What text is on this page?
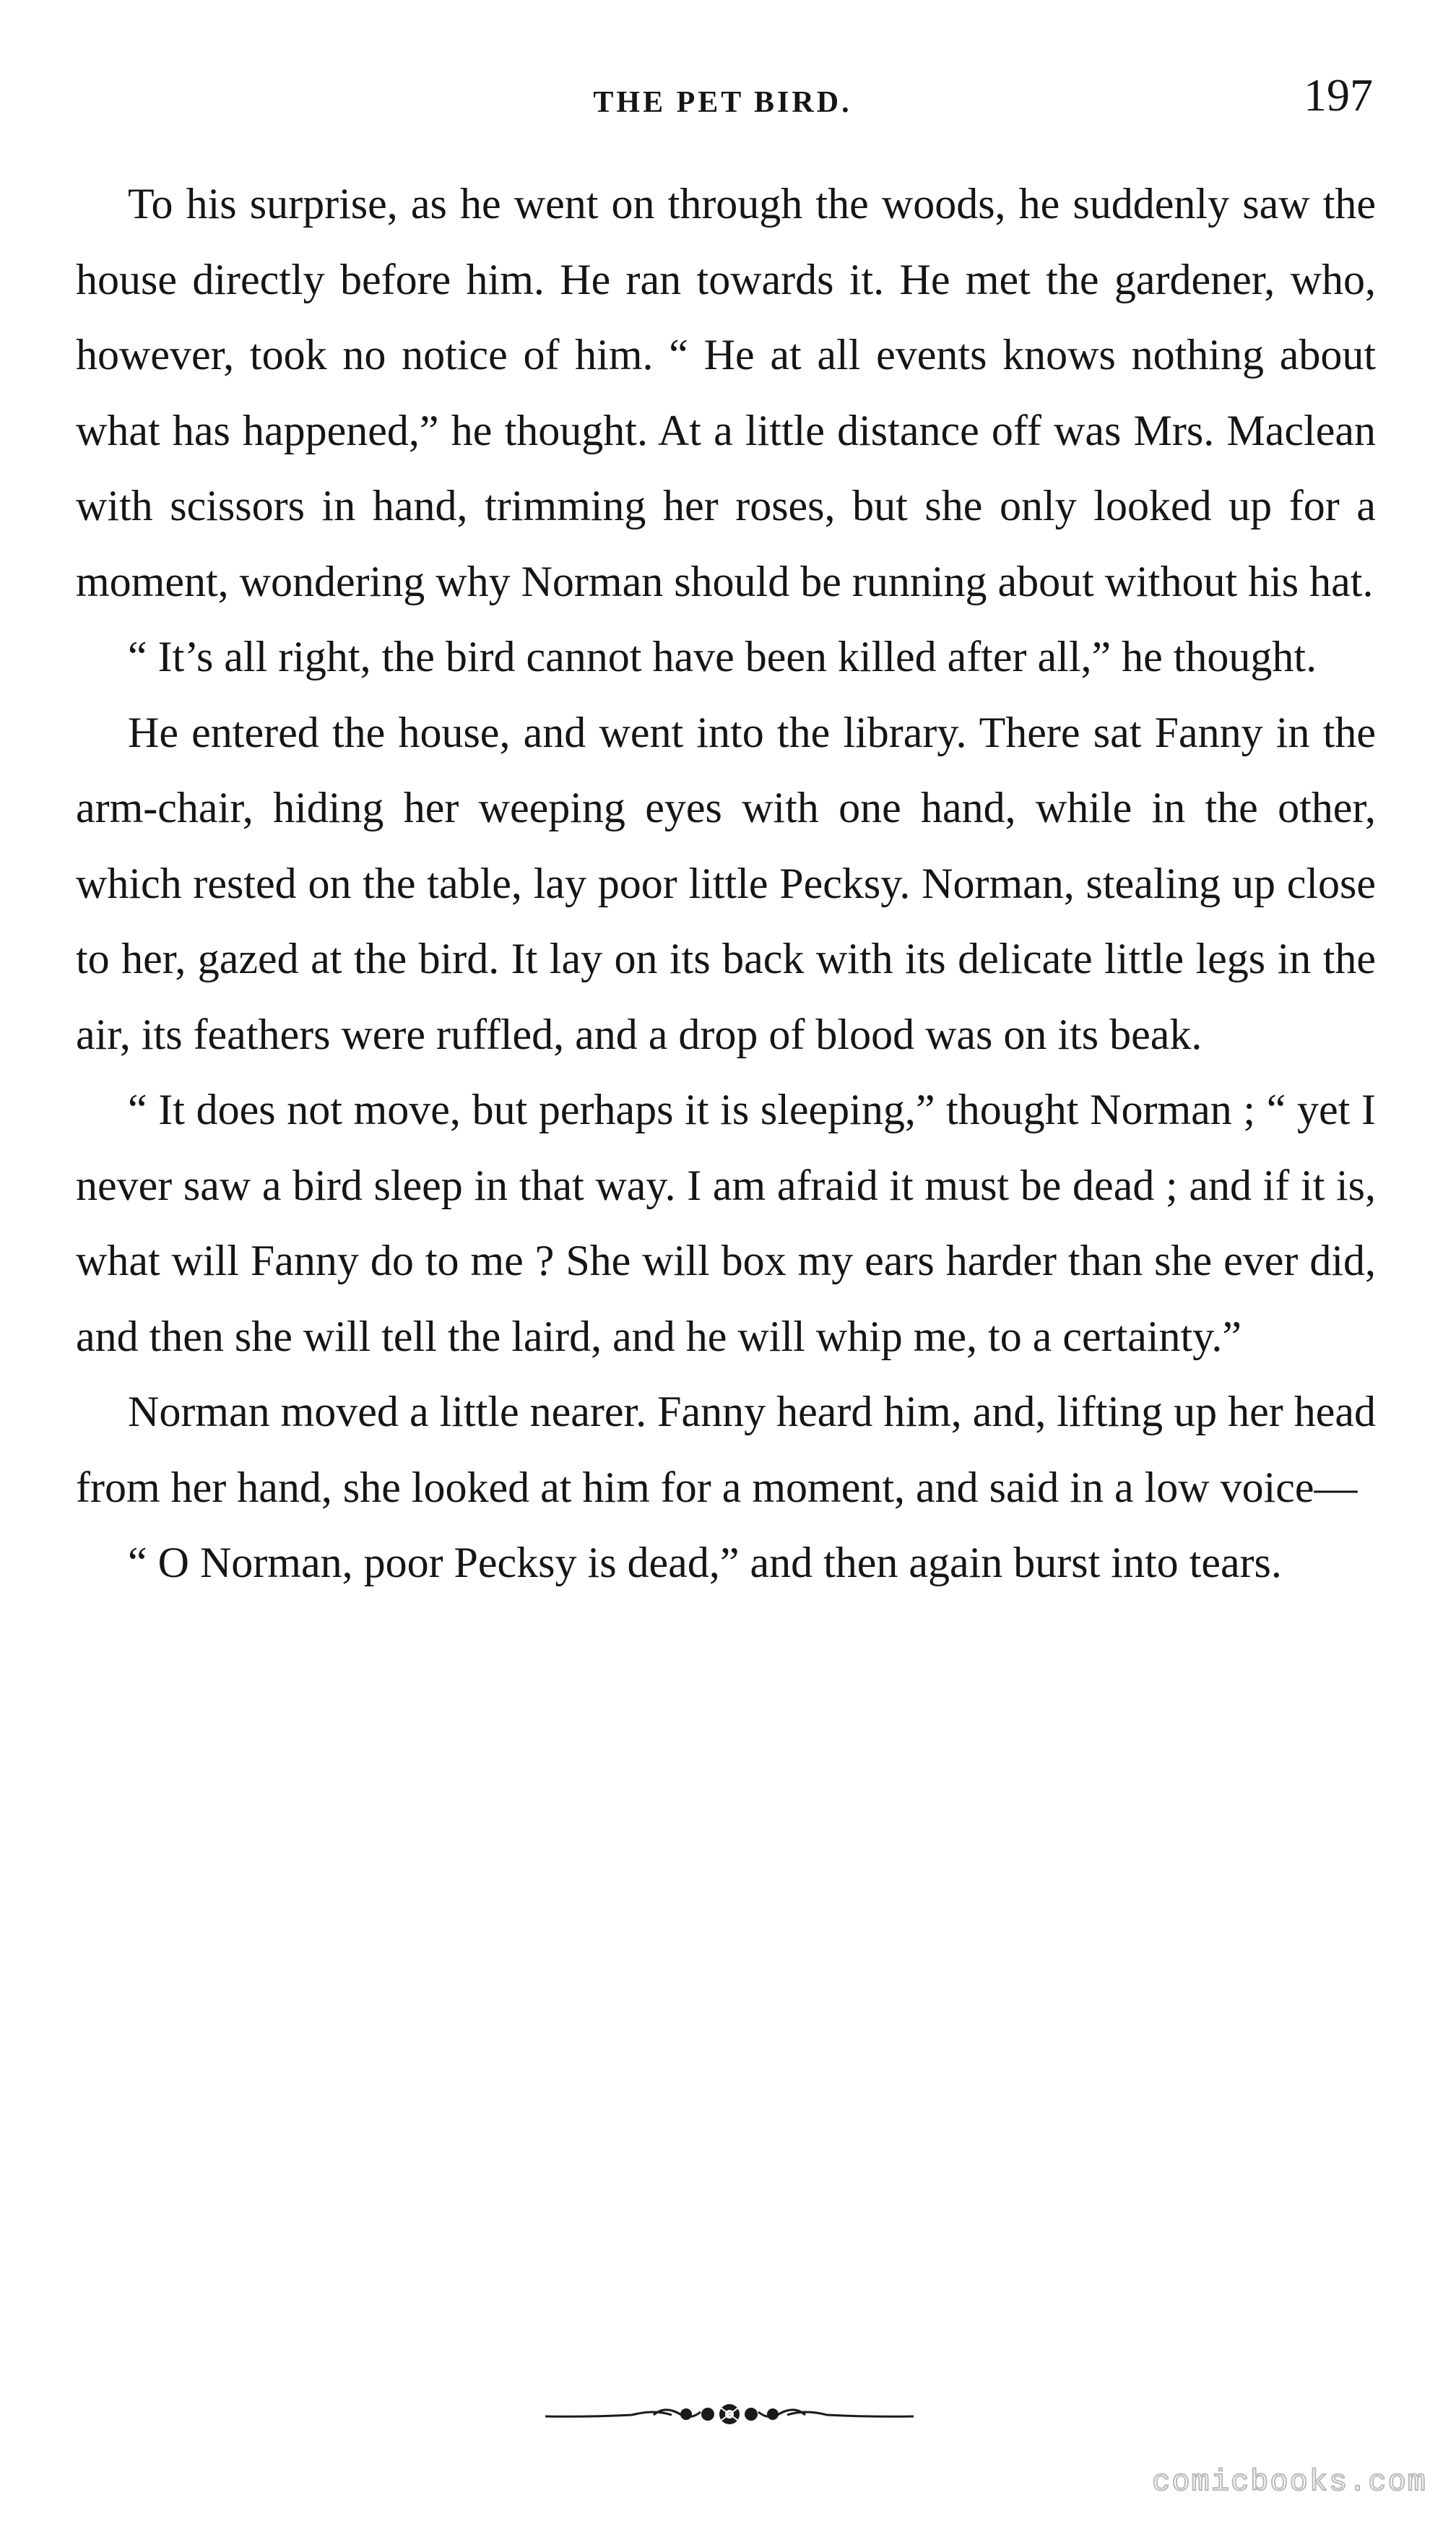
THE PET BIRD.	197

To his surprise, as he went on through the woods, he suddenly saw the house directly before him. He ran towards it. He met the gardener, who, however, took no notice of him. “ He at all events knows nothing about what has happened,” he thought. At a little distance off was Mrs. Maclean with scissors in hand, trimming her roses, but she only looked up for a moment, wondering why Norman should be running about without his hat.

“ It’s all right, the bird cannot have been killed after all,” he thought.

He entered the house, and went into the library. There sat Fanny in the arm-chair, hiding her weeping eyes with one hand, while in the other, which rested on the table, lay poor little Pecksy. Norman, stealing up close to her, gazed at the bird. It lay on its back with its delicate little legs in the air, its feathers were ruffled, and a drop of blood was on its beak.

“ It does not move, but perhaps it is sleeping,” thought Norman ; “ yet I never saw a bird sleep in that way. I am afraid it must be dead ; and if it is, what will Fanny do to me ? She will box my ears harder than she ever did, and then she will tell the laird, and he will whip me, to a certainty.”

Norman moved a little nearer. Fanny heard him, and, lifting up her head from her hand, she looked at him for a moment, and said in a low voice—

“ O Norman, poor Pecksy is dead,” and then again burst into tears.

comicbooks.com
